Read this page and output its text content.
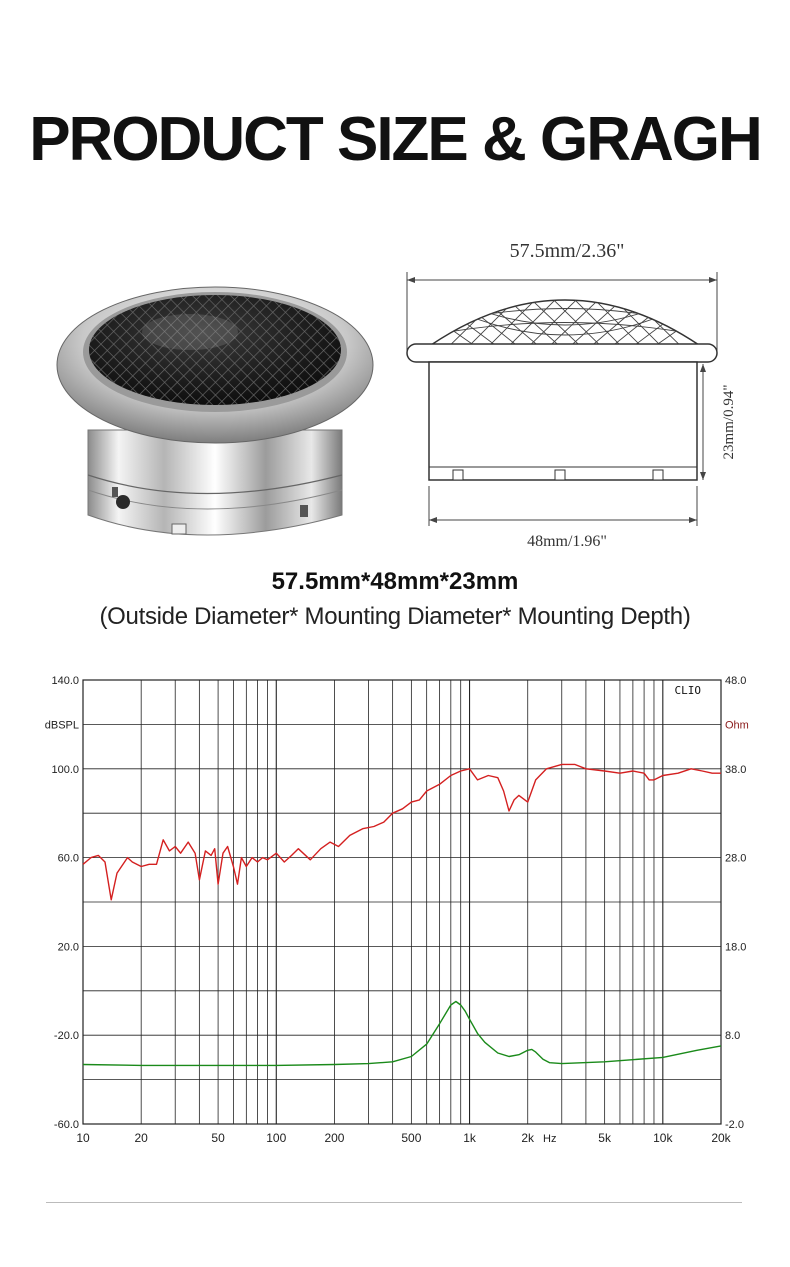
PRODUCT SIZE & GRAGH
57.5mm/2.36"
23mm/0.94"
48mm/1.96"
57.5mm*48mm*23mm
(Outside Diameter* Mounting Diameter* Mounting Depth)
-60.0
-20.0
20.0
60.0
100.0
140.0
-2.0
8.0
18.0
28.0
38.0
48.0
dBSPL	Ohm
10	20	50	100	200	500	1k	2k	5k	10k	20k
Hz
CLIO
